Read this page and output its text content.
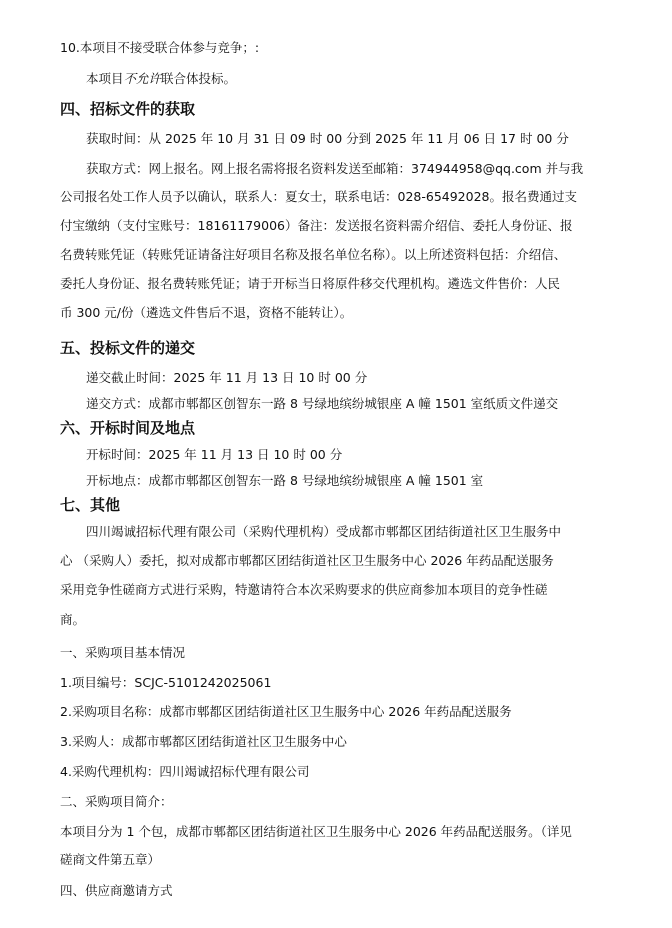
10.本项目不接受联合体参与竞争；:
本项目不允许联合体投标。
四、招标文件的获取
获取时间：从 2025 年 10 月 31 日 09 时 00 分到 2025 年 11 月 06 日 17 时 00 分
获取方式：网上报名。网上报名需将报名资料发送至邮箱：374944958@qq.com 并与我
公司报名处工作人员予以确认，联系人：夏女士，联系电话：028-65492028。报名费通过支
付宝缴纳（支付宝账号：18161179006）备注：发送报名资料需介绍信、委托人身份证、报
名费转账凭证（转账凭证请备注好项目名称及报名单位名称）。以上所述资料包括：介绍信、
委托人身份证、报名费转账凭证；请于开标当日将原件移交代理机构。遴选文件售价：人民
币 300 元/份（遴选文件售后不退，资格不能转让）。
五、投标文件的递交
递交截止时间：2025 年 11 月 13 日 10 时 00 分
递交方式：成都市郫都区创智东一路 8 号绿地缤纷城银座 A 幢 1501 室纸质文件递交
六、开标时间及地点
开标时间：2025 年 11 月 13 日 10 时 00 分
开标地点：成都市郫都区创智东一路 8 号绿地缤纷城银座 A 幢 1501 室
七、其他
四川竭诚招标代理有限公司（采购代理机构）受成都市郫都区团结街道社区卫生服务中
心 （采购人）委托，拟对成都市郫都区团结街道社区卫生服务中心 2026 年药品配送服务
采用竞争性磋商方式进行采购，特邀请符合本次采购要求的供应商参加本项目的竞争性磋
商。
一、采购项目基本情况
1.项目编号：SCJC-5101242025061
2.采购项目名称：成都市郫都区团结街道社区卫生服务中心 2026 年药品配送服务
3.采购人：成都市郫都区团结街道社区卫生服务中心
4.采购代理机构：四川竭诚招标代理有限公司
二、采购项目简介：
本项目分为 1 个包，成都市郫都区团结街道社区卫生服务中心 2026 年药品配送服务。（详见
磋商文件第五章）
四、供应商邀请方式
